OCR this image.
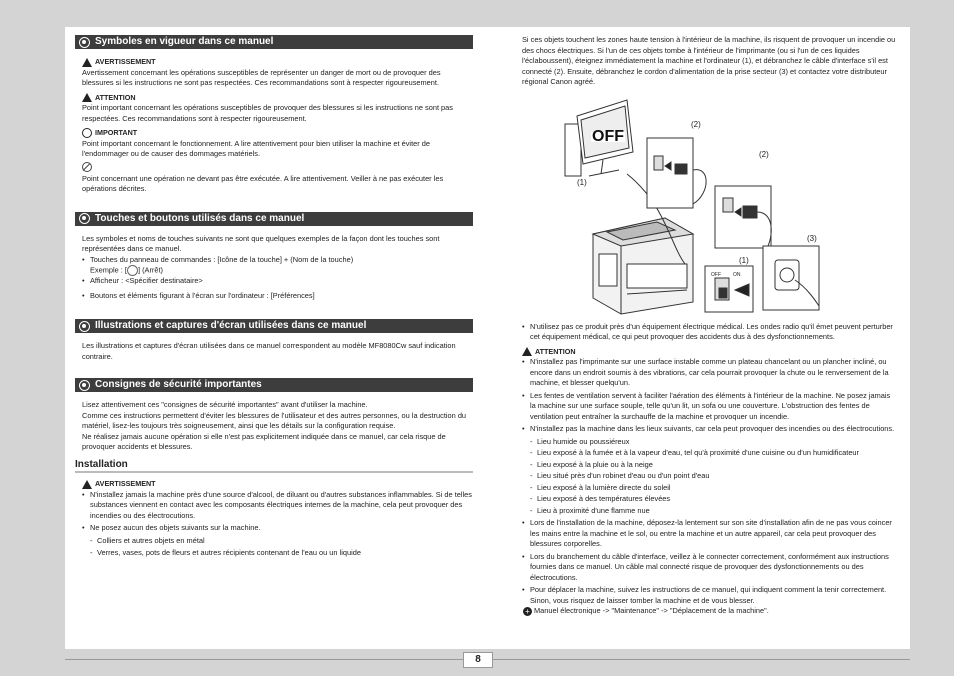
8
Symboles en vigueur dans ce manuel
AVERTISSEMENT

Avertissement concernant les opérations susceptibles de représenter un danger de mort ou de provoquer des blessures si les instructions ne sont pas respectées. Ces recommandations sont à respecter rigoureusement.

ATTENTION

Point important concernant les opérations susceptibles de provoquer des blessures si les instructions ne sont pas respectées. Ces recommandations sont à respecter rigoureusement.

IMPORTANT

Point important concernant le fonctionnement. A lire attentivement pour bien utiliser la machine et éviter de l'endommager ou de causer des dommages matériels.

Point concernant une opération ne devant pas être exécutée. A lire attentivement. Veiller à ne pas exécuter les opérations décrites.

Touches et boutons utilisés dans ce manuel

Les symboles et noms de touches suivants ne sont que quelques exemples de la façon dont les touches sont représentées dans ce manuel.

• Touches du panneau de commandes : [Icône de la touche] + (Nom de la touche)
Exemple : [ ] (Arrêt)
• Afficheur : <Spécifier destinataire>
• Boutons et éléments figurant à l'écran sur l'ordinateur : [Préférences]
Illustrations et captures d'écran utilisées dans ce manuel

Les illustrations et captures d'écran utilisées dans ce manuel correspondent au modèle MF8080Cw sauf indication contraire.

Consignes de sécurité importantes

Lisez attentivement ces "consignes de sécurité importantes" avant d'utiliser la machine.

Comme ces instructions permettent d'éviter les blessures de l'utilisateur et des autres personnes, ou la destruction du matériel, lisez-les toujours très soigneusement, ainsi que les détails sur la configuration requise.

Ne réalisez jamais aucune opération si elle n'est pas explicitement indiquée dans ce manuel, car cela risque de provoquer accidents et blessures.

Installation
AVERTISSEMENT
• N'installez jamais la machine près d'une source d'alcool, de diluant ou d'autres substances inflammables. Si de telles substances viennent en contact avec les composants électriques internes de la machine, cela peut provoquer des incendies ou des électrocutions.
• Ne posez aucun des objets suivants sur la machine.
- Colliers et autres objets en métal
- Verres, vases, pots de fleurs et autres récipients contenant de l'eau ou un liquide

Si ces objets touchent les zones haute tension à l'intérieur de la machine, ils risquent de provoquer un incendie ou des chocs électriques. Si l'un de ces objets tombe à l'intérieur de l'imprimante (ou si l'un de ces liquides l'éclaboussent), éteignez immédiatement la machine et l'ordinateur (1), et débranchez le câble d'interface s'il est connecté (2). Ensuite, débranchez le cordon d'alimentation de la prise secteur (3) et contactez votre distributeur régional Canon agréé.

OFF
(1)
(2)
(2)
(3)
(1)
OFF ON
• N'utilisez pas ce produit près d'un équipement électrique médical. Les ondes radio qu'il émet peuvent perturber cet équipement médical, ce qui peut provoquer des accidents dus à des dysfonctionnements.
ATTENTION
• N'installez pas l'imprimante sur une surface instable comme un plateau chancelant ou un plancher incliné, ou encore dans un endroit soumis à des vibrations, car cela pourrait provoquer la chute ou le renversement de la machine, et blesser quelqu'un.
• Les fentes de ventilation servent à faciliter l'aération des éléments à l'intérieur de la machine. Ne posez jamais la machine sur une surface souple, telle qu'un lit, un sofa ou une couverture. L'obstruction des fentes de ventilation peut entraîner la surchauffe de la machine et provoquer un incendie.
• N'installez pas la machine dans les lieux suivants, car cela peut provoquer des incendies ou des électrocutions.
- Lieu humide ou poussiéreux
- Lieu exposé à la fumée et à la vapeur d'eau, tel qu'à proximité d'une cuisine ou d'un humidificateur
- Lieu exposé à la pluie ou à la neige
- Lieu situé près d'un robinet d'eau ou d'un point d'eau
- Lieu exposé à la lumière directe du soleil
- Lieu exposé à des températures élevées
- Lieu à proximité d'une flamme nue
• Lors de l'installation de la machine, déposez-la lentement sur son site d'installation afin de ne pas vous coincer les mains entre la machine et le sol, ou entre la machine et un autre appareil, car cela peut provoquer des blessures corporelles.
• Lors du branchement du câble d'interface, veillez à le connecter correctement, conformément aux instructions fournies dans ce manuel. Un câble mal connecté risque de provoquer des dysfonctionnements ou des électrocutions.
• Pour déplacer la machine, suivez les instructions de ce manuel, qui indiquent comment la tenir correctement. Sinon, vous risquez de laisser tomber la machine et de vous blesser.
+ Manuel électronique -> "Maintenance" -> "Déplacement de la machine".
